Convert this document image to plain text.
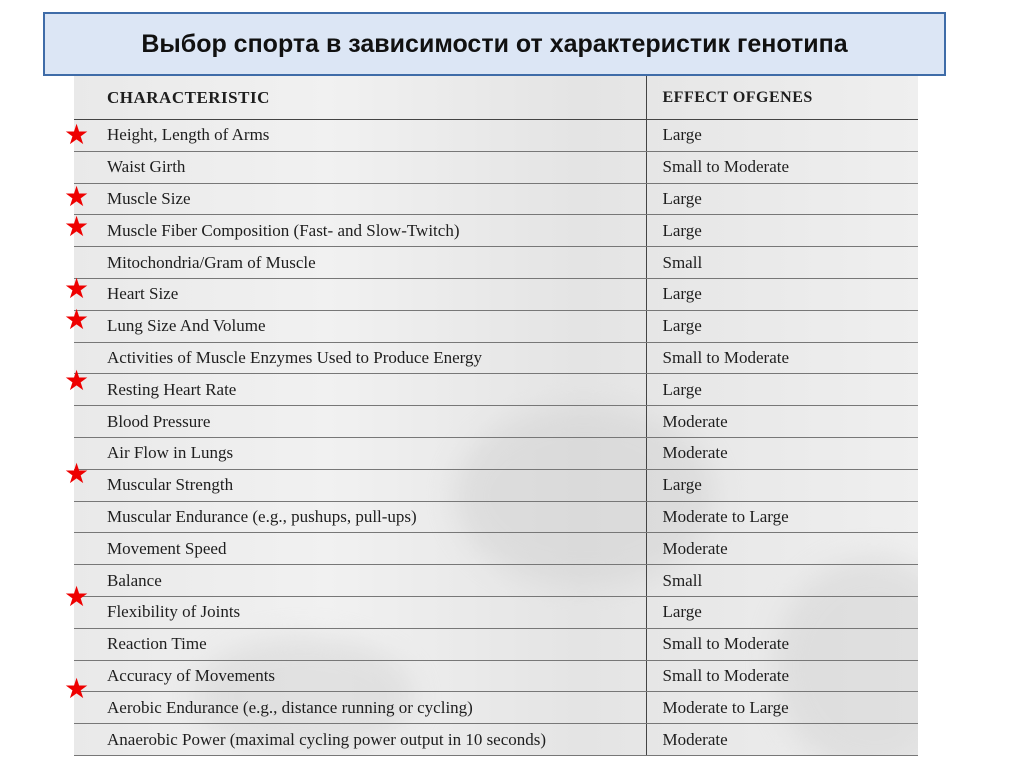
Выбор спорта в зависимости от характеристик генотипа
CHARACTERISTIC	EFFECT OFGENES
Height, Length of Arms	Large
Waist Girth	Small to Moderate
Muscle Size	Large
Muscle Fiber Composition (Fast- and Slow-Twitch)	Large
Mitochondria/Gram of Muscle	Small
Heart Size	Large
Lung Size And Volume	Large
Activities of Muscle Enzymes Used to Produce Energy	Small to Moderate
Resting Heart Rate	Large
Blood Pressure	Moderate
Air Flow in Lungs	Moderate
Muscular Strength	Large
Muscular Endurance (e.g., pushups, pull-ups)	Moderate to Large
Movement Speed	Moderate
Balance	Small
Flexibility of Joints	Large
Reaction Time	Small to Moderate
Accuracy of Movements	Small to Moderate
Aerobic Endurance (e.g., distance running or cycling)	Moderate to Large
Anaerobic Power (maximal cycling power output in 10 seconds)	Moderate
★
★
★
★
★
★
★
★
★
